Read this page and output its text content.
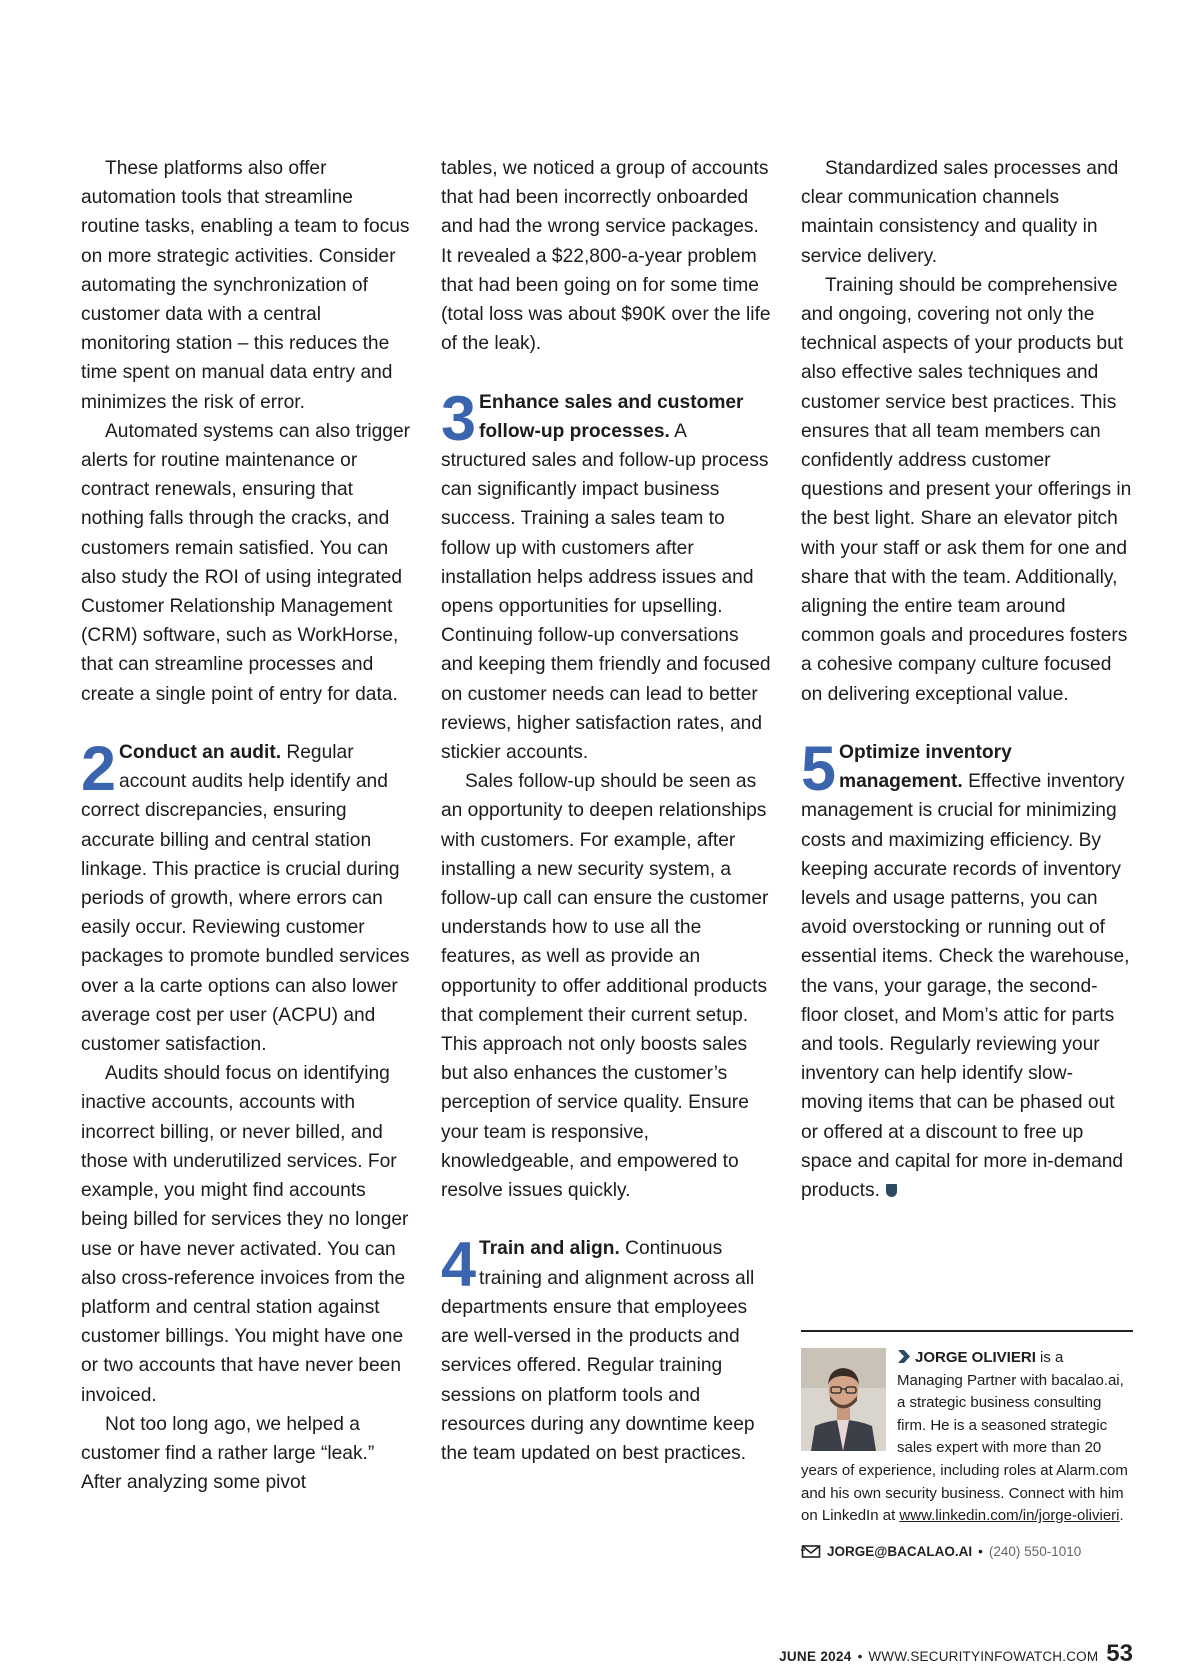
These platforms also offer automation tools that streamline routine tasks, enabling a team to focus on more strategic activities. Consider automating the synchronization of customer data with a central monitoring station – this reduces the time spent on manual data entry and minimizes the risk of error.

Automated systems can also trigger alerts for routine maintenance or contract renewals, ensuring that nothing falls through the cracks, and customers remain satisfied. You can also study the ROI of using integrated Customer Relationship Management (CRM) software, such as WorkHorse, that can streamline processes and create a single point of entry for data.

2 Conduct an audit. Regular account audits help identify and correct discrepancies, ensuring accurate billing and central station linkage. This practice is crucial during periods of growth, where errors can easily occur. Reviewing customer packages to promote bundled services over a la carte options can also lower average cost per user (ACPU) and customer satisfaction.

Audits should focus on identifying inactive accounts, accounts with incorrect billing, or never billed, and those with underutilized services. For example, you might find accounts being billed for services they no longer use or have never activated. You can also cross-reference invoices from the platform and central station against customer billings. You might have one or two accounts that have never been invoiced.

Not too long ago, we helped a customer find a rather large “leak.” After analyzing some pivot

tables, we noticed a group of accounts that had been incorrectly onboarded and had the wrong service packages. It revealed a $22,800-a-year problem that had been going on for some time (total loss was about $90K over the life of the leak).

3 Enhance sales and customer follow-up processes. A structured sales and follow-up process can significantly impact business success. Training a sales team to follow up with customers after installation helps address issues and opens opportunities for upselling. Continuing follow-up conversations and keeping them friendly and focused on customer needs can lead to better reviews, higher satisfaction rates, and stickier accounts.

Sales follow-up should be seen as an opportunity to deepen relationships with customers. For example, after installing a new security system, a follow-up call can ensure the customer understands how to use all the features, as well as provide an opportunity to offer additional products that complement their current setup. This approach not only boosts sales but also enhances the customer’s perception of service quality. Ensure your team is responsive, knowledgeable, and empowered to resolve issues quickly.

4 Train and align. Continuous training and alignment across all departments ensure that employees are well-versed in the products and services offered. Regular training sessions on platform tools and resources during any downtime keep the team updated on best practices.

Standardized sales processes and clear communication channels maintain consistency and quality in service delivery.

Training should be comprehensive and ongoing, covering not only the technical aspects of your products but also effective sales techniques and customer service best practices. This ensures that all team members can confidently address customer questions and present your offerings in the best light. Share an elevator pitch with your staff or ask them for one and share that with the team. Additionally, aligning the entire team around common goals and procedures fosters a cohesive company culture focused on delivering exceptional value.

5 Optimize inventory management. Effective inventory management is crucial for minimizing costs and maximizing efficiency. By keeping accurate records of inventory levels and usage patterns, you can avoid overstocking or running out of essential items. Check the warehouse, the vans, your garage, the second-floor closet, and Mom’s attic for parts and tools. Regularly reviewing your inventory can help identify slow-moving items that can be phased out or offered at a discount to free up space and capital for more in-demand products.

JORGE OLIVIERI is a Managing Partner with bacalao.ai, a strategic business consulting firm. He is a seasoned strategic sales expert with more than 20 years of experience, including roles at Alarm.com and his own security business. Connect with him on LinkedIn at www.linkedin.com/in/jorge-olivieri.
JORGE@BACALAO.AI • (240) 550-1010
JUNE 2024 • WWW.SECURITYINFOWATCH.COM 53
